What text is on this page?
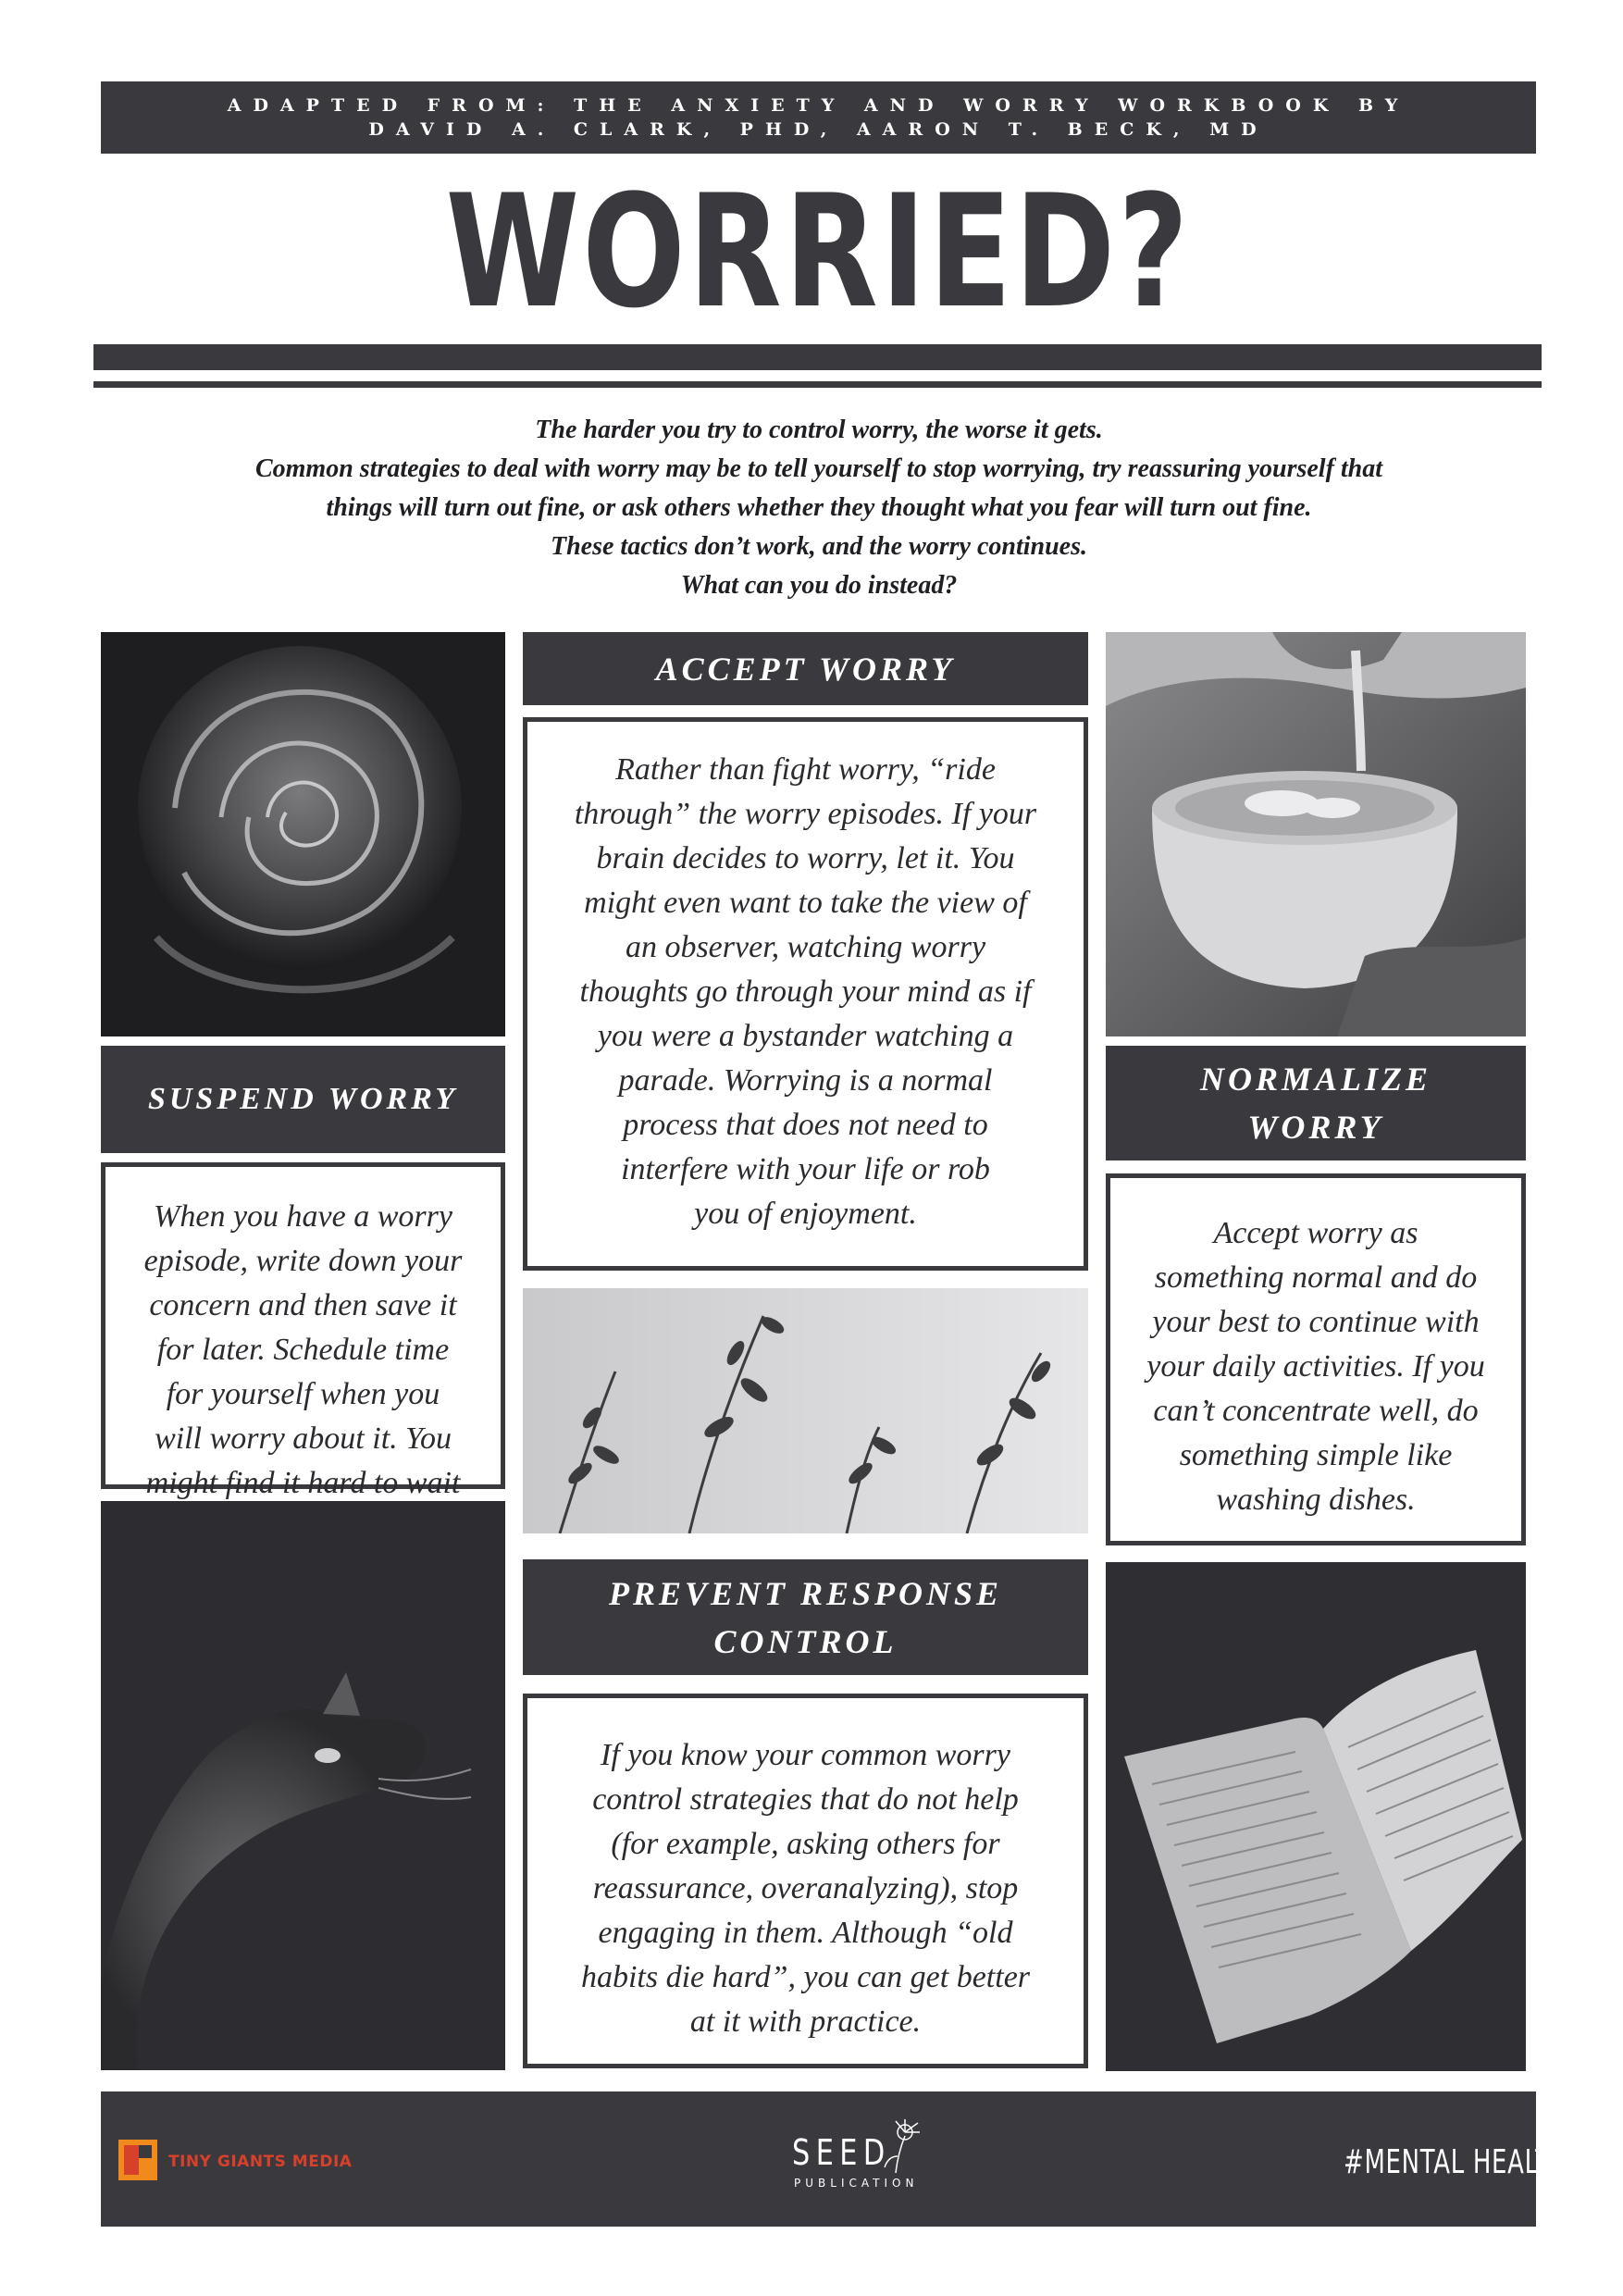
ADAPTED FROM: THE ANXIETY AND WORRY WORKBOOK BY
DAVID A. CLARK, PHD, AARON T. BECK, MD
WORRIED?
The harder you try to control worry, the worse it gets.
Common strategies to deal with worry may be to tell yourself to stop worrying, try reassuring yourself that
things will turn out fine, or ask others whether they thought what you fear will turn out fine.
These tactics don’t work, and the worry continues.
What can you do instead?
SUSPEND WORRY
When you have a worry
episode, write down your
concern and then save it
for later. Schedule time
for yourself when you
will worry about it. You
might find it hard to wait
ACCEPT WORRY
Rather than fight worry, “ride
through” the worry episodes. If your
brain decides to worry, let it. You
might even want to take the view of
an observer, watching worry
thoughts go through your mind as if
you were a bystander watching a
parade. Worrying is a normal
process that does not need to
interfere with your life or rob
you of enjoyment.
PREVENT RESPONSE
CONTROL
If you know your common worry
control strategies that do not help
(for example, asking others for
reassurance, overanalyzing), stop
engaging in them. Although “old
habits die hard”, you can get better
at it with practice.
NORMALIZE
WORRY
Accept worry as
something normal and do
your best to continue with
your daily activities. If you
can’t concentrate well, do
something simple like
washing dishes.
TINY GIANTS MEDIA	SEED
PUBLICATION
#MENTAL HEALTH
